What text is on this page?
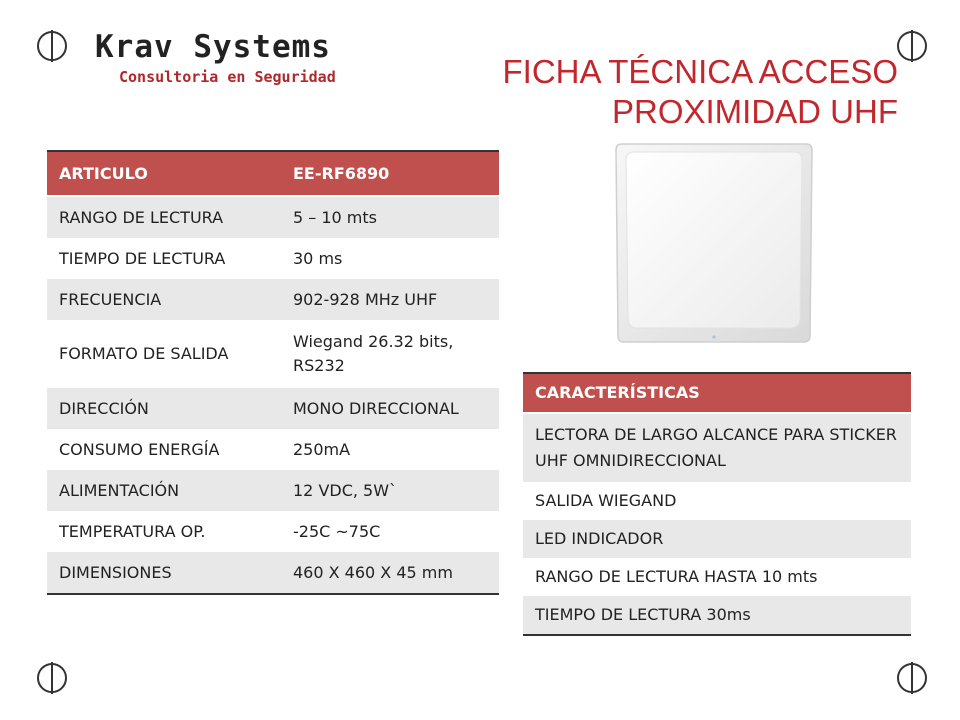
Krav Systems
Consultoria en Seguridad	FICHA TÉCNICA ACCESO
PROXIMIDAD UHF
ARTICULO	EE-RF6890
RANGO DE LECTURA	5 – 10 mts
TIEMPO DE LECTURA	30 ms
FRECUENCIA	902-928 MHz UHF
FORMATO DE SALIDA	Wiegand 26.32 bits, RS232
DIRECCIÓN	MONO DIRECCIONAL
CONSUMO ENERGÍA	250mA
ALIMENTACIÓN	12 VDC, 5W`
TEMPERATURA OP.	-25C ~75C
DIMENSIONES	460 X 460 X 45 mm
CARACTERÍSTICAS
LECTORA DE LARGO ALCANCE PARA STICKER UHF OMNIDIRECCIONAL
SALIDA WIEGAND
LED INDICADOR
RANGO DE LECTURA HASTA 10 mts
TIEMPO DE LECTURA 30ms
